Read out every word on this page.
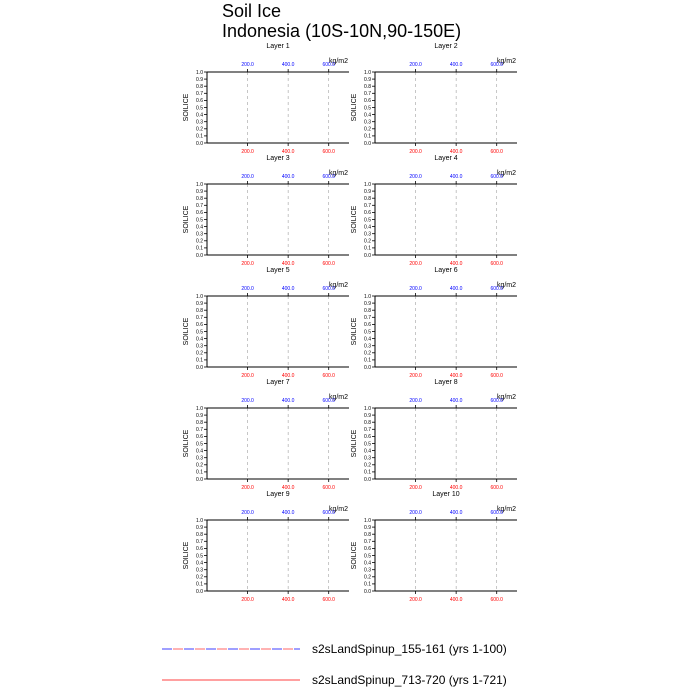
Soil Ice
Indonesia (10S-10N,90-150E)
Layer 1
kg/m2
SOILICE
0.0
0.1
0.2
0.3
0.4
0.5
0.6
0.7
0.8
0.9
1.0
200.0	400.0	600.0
200.0	400.0	600.0
Layer 2
kg/m2
SOILICE
0.0
0.1
0.2
0.3
0.4
0.5
0.6
0.7
0.8
0.9
1.0
200.0	400.0	600.0
200.0	400.0	600.0
Layer 3
kg/m2
SOILICE
0.0
0.1
0.2
0.3
0.4
0.5
0.6
0.7
0.8
0.9
1.0
200.0	400.0	600.0
200.0	400.0	600.0
Layer 4
kg/m2
SOILICE
0.0
0.1
0.2
0.3
0.4
0.5
0.6
0.7
0.8
0.9
1.0
200.0	400.0	600.0
200.0	400.0	600.0
Layer 5
kg/m2
SOILICE
0.0
0.1
0.2
0.3
0.4
0.5
0.6
0.7
0.8
0.9
1.0
200.0	400.0	600.0
200.0	400.0	600.0
Layer 6
kg/m2
SOILICE
0.0
0.1
0.2
0.3
0.4
0.5
0.6
0.7
0.8
0.9
1.0
200.0	400.0	600.0
200.0	400.0	600.0
Layer 7
kg/m2
SOILICE
0.0
0.1
0.2
0.3
0.4
0.5
0.6
0.7
0.8
0.9
1.0
200.0	400.0	600.0
200.0	400.0	600.0
Layer 8
kg/m2
SOILICE
0.0
0.1
0.2
0.3
0.4
0.5
0.6
0.7
0.8
0.9
1.0
200.0	400.0	600.0
200.0	400.0	600.0
Layer 9
kg/m2
SOILICE
0.0
0.1
0.2
0.3
0.4
0.5
0.6
0.7
0.8
0.9
1.0
200.0	400.0	600.0
200.0	400.0	600.0
Layer 10
kg/m2
SOILICE
0.0
0.1
0.2
0.3
0.4
0.5
0.6
0.7
0.8
0.9
1.0
200.0	400.0	600.0
200.0	400.0	600.0
s2sLandSpinup_155-161 (yrs 1-100)
s2sLandSpinup_713-720 (yrs 1-721)
